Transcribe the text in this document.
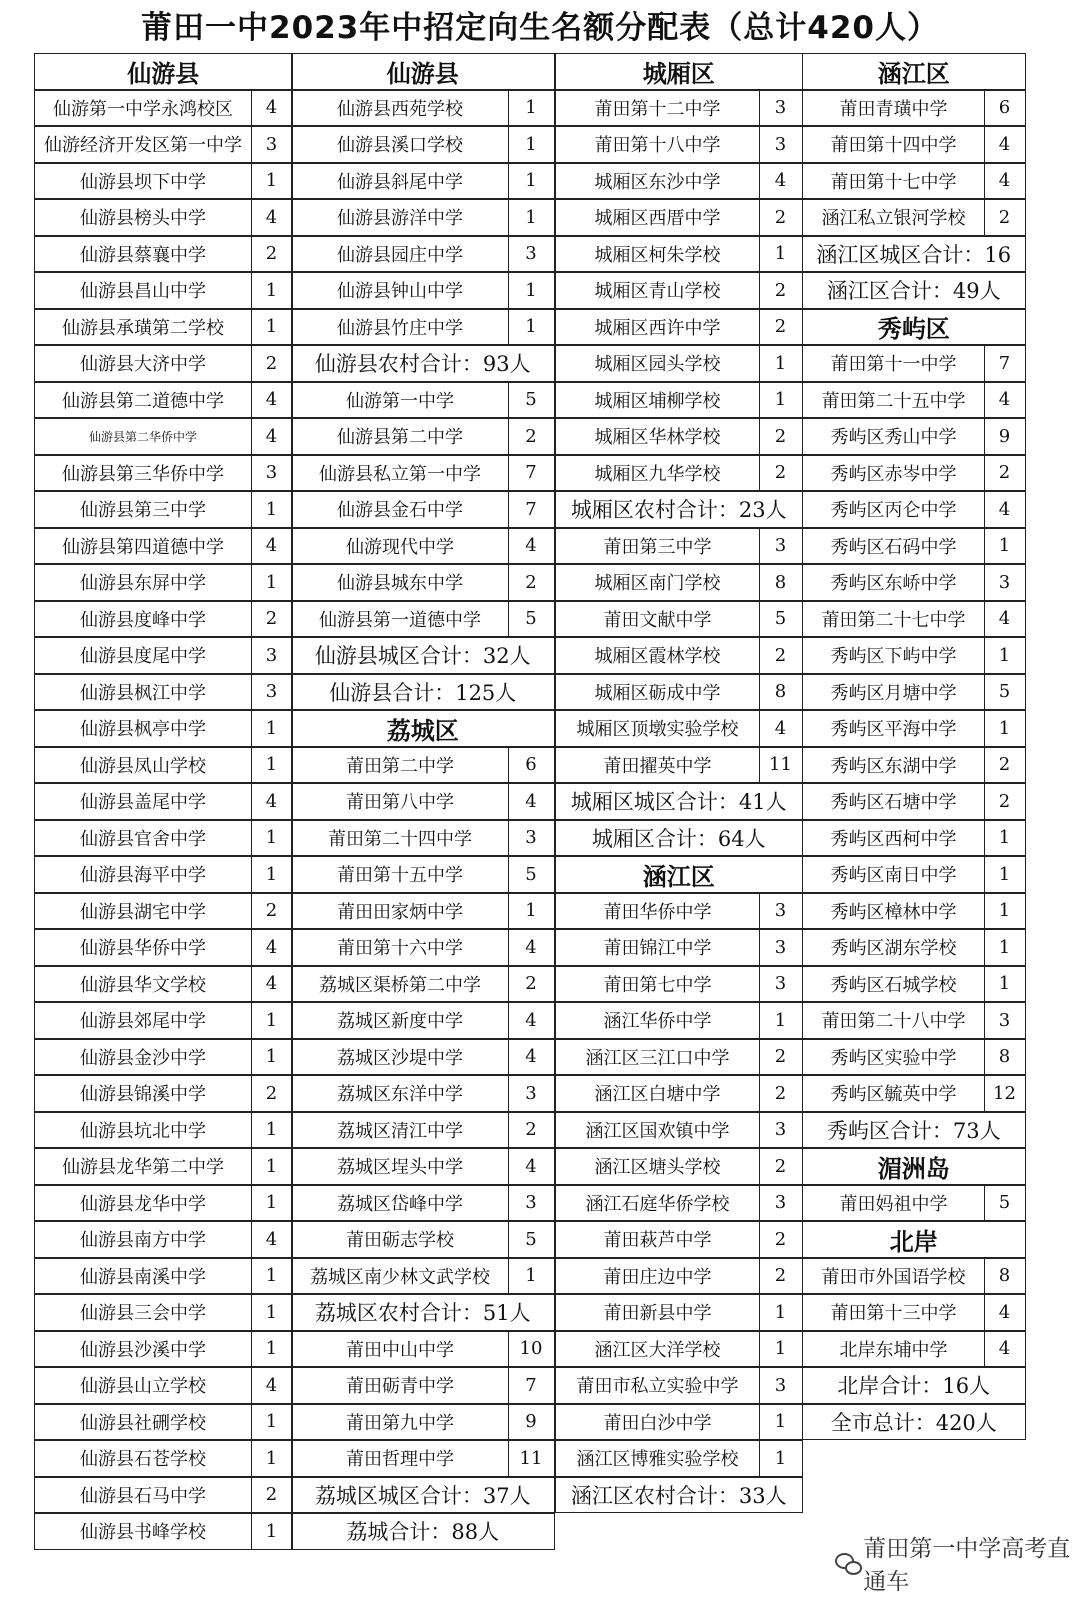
莆田一中2023年中招定向生名额分配表（总计420人）
仙游县
仙游第一中学永鸿校区	4
仙游经济开发区第一中学	3
仙游县坝下中学	1
仙游县榜头中学	4
仙游县蔡襄中学	2
仙游县昌山中学	1
仙游县承璜第二学校	1
仙游县大济中学	2
仙游县第二道德中学	4
仙游县第二华侨中学	4
仙游县第三华侨中学	3
仙游县第三中学	1
仙游县第四道德中学	4
仙游县东屏中学	1
仙游县度峰中学	2
仙游县度尾中学	3
仙游县枫江中学	3
仙游县枫亭中学	1
仙游县凤山学校	1
仙游县盖尾中学	4
仙游县官舍中学	1
仙游县海平中学	1
仙游县湖宅中学	2
仙游县华侨中学	4
仙游县华文学校	4
仙游县郊尾中学	1
仙游县金沙中学	1
仙游县锦溪中学	2
仙游县坑北中学	1
仙游县龙华第二中学	1
仙游县龙华中学	1
仙游县南方中学	4
仙游县南溪中学	1
仙游县三会中学	1
仙游县沙溪中学	1
仙游县山立学校	4
仙游县社硎学校	1
仙游县石苍学校	1
仙游县石马中学	2
仙游县书峰学校	1
仙游县
仙游县西苑学校	1
仙游县溪口学校	1
仙游县斜尾中学	1
仙游县游洋中学	1
仙游县园庄中学	3
仙游县钟山中学	1
仙游县竹庄中学	1
仙游县农村合计：93人
仙游第一中学	5
仙游县第二中学	2
仙游县私立第一中学	7
仙游县金石中学	7
仙游现代中学	4
仙游县城东中学	2
仙游县第一道德中学	5
仙游县城区合计：32人
仙游县合计：125人
荔城区
莆田第二中学	6
莆田第八中学	4
莆田第二十四中学	3
莆田第十五中学	5
莆田田家炳中学	1
莆田第十六中学	4
荔城区渠桥第二中学	2
荔城区新度中学	4
荔城区沙堤中学	4
荔城区东洋中学	3
荔城区清江中学	2
荔城区埕头中学	4
荔城区岱峰中学	3
莆田砺志学校	5
荔城区南少林文武学校	1
荔城区农村合计：51人
莆田中山中学	10
莆田砺青中学	7
莆田第九中学	9
莆田哲理中学	11
荔城区城区合计：37人
荔城合计：88人
城厢区
莆田第十二中学	3
莆田第十八中学	3
城厢区东沙中学	4
城厢区西厝中学	2
城厢区柯朱学校	1
城厢区青山学校	2
城厢区西许中学	2
城厢区园头学校	1
城厢区埔柳学校	1
城厢区华林学校	2
城厢区九华学校	2
城厢区农村合计：23人
莆田第三中学	3
城厢区南门学校	8
莆田文献中学	5
城厢区霞林学校	2
城厢区砺成中学	8
城厢区顶墩实验学校	4
莆田擢英中学	11
城厢区城区合计：41人
城厢区合计：64人
涵江区
莆田华侨中学	3
莆田锦江中学	3
莆田第七中学	3
涵江华侨中学	1
涵江区三江口中学	2
涵江区白塘中学	2
涵江区国欢镇中学	3
涵江区塘头学校	2
涵江石庭华侨学校	3
莆田萩芦中学	2
莆田庄边中学	2
莆田新县中学	1
涵江区大洋学校	1
莆田市私立实验中学	3
莆田白沙中学	1
涵江区博雅实验学校	1
涵江区农村合计：33人
涵江区
莆田青璜中学	6
莆田第十四中学	4
莆田第十七中学	4
涵江私立银河学校	2
涵江区城区合计：16
涵江区合计：49人
秀屿区
莆田第十一中学	7
莆田第二十五中学	4
秀屿区秀山中学	9
秀屿区赤岑中学	2
秀屿区丙仑中学	4
秀屿区石码中学	1
秀屿区东峤中学	3
莆田第二十七中学	4
秀屿区下屿中学	1
秀屿区月塘中学	5
秀屿区平海中学	1
秀屿区东湖中学	2
秀屿区石塘中学	2
秀屿区西柯中学	1
秀屿区南日中学	1
秀屿区樟林中学	1
秀屿区湖东学校	1
秀屿区石城学校	1
莆田第二十八中学	3
秀屿区实验中学	8
秀屿区毓英中学	12
秀屿区合计：73人
湄洲岛
莆田妈祖中学	5
北岸
莆田市外国语学校	8
莆田第十三中学	4
北岸东埔中学	4
北岸合计：16人
全市总计：420人
莆田第一中学高考直通车
